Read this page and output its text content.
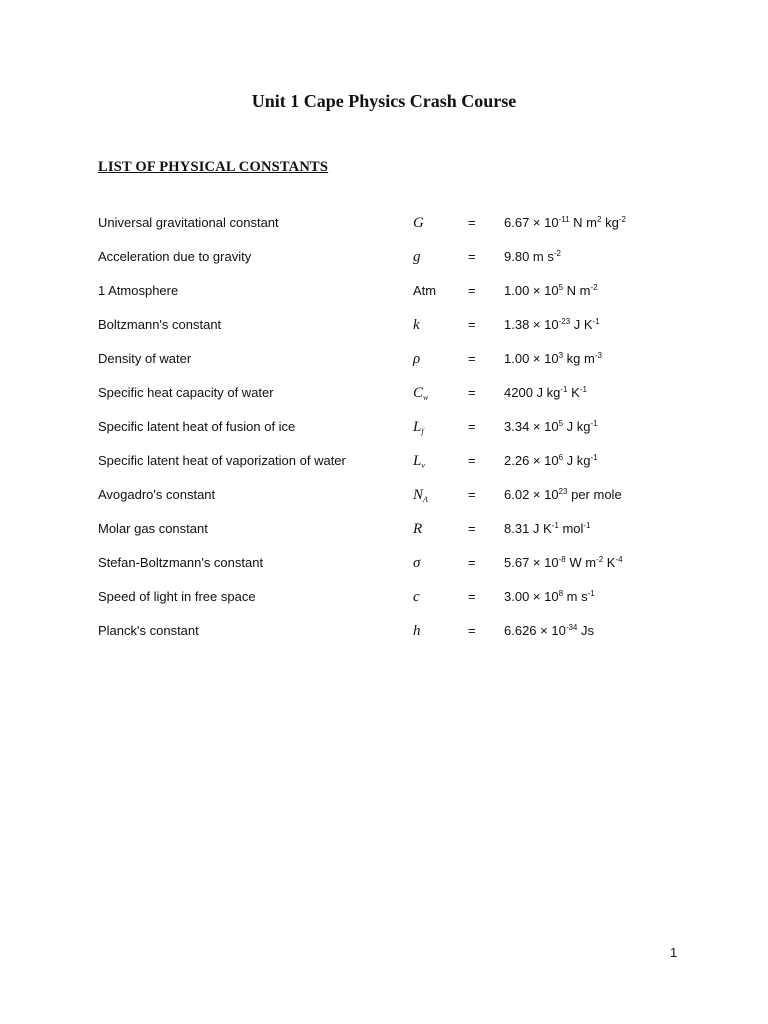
Unit 1 Cape Physics Crash Course
LIST OF PHYSICAL CONSTANTS
Universal gravitational constant	G	= $6.67 \times 10^{-11}$ N $m^2$ $kg^{-2}$
Acceleration due to gravity	g	= 9.80 m $s^{-2}$
1 Atmosphere	Atm = $1.00 \times 10^5$ N $m^{-2}$
Boltzmann's constant	k	= $1.38 \times 10^{-23}$ J $K^{-1}$
Density of water	ρ	= $1.00 \times 10^3$ kg $m^{-3}$
Specific heat capacity of water	$C_w$	= 4200 J $kg^{-1}$ $K^{-1}$
Specific latent heat of fusion of ice	$L_f$	= $3.34 \times 10^5$ J $kg^{-1}$
Specific latent heat of vaporization of water	$L_v$	= $2.26 \times 10^6$ J $kg^{-1}$
Avogadro's constant	$N_A$	= $6.02 \times 10^{23}$ per mole
Molar gas constant	R	= 8.31 J $K^{-1}$ mol$^{-1}$
Stefan-Boltzmann's constant	σ	= $5.67 \times 10^{-8}$ W $m^{-2}$ $K^{-4}$
Speed of light in free space	c	= $3.00 \times 10^8$ m $s^{-1}$
Planck's constant	h	= $6.626 \times 10^{-34}$ Js
1
